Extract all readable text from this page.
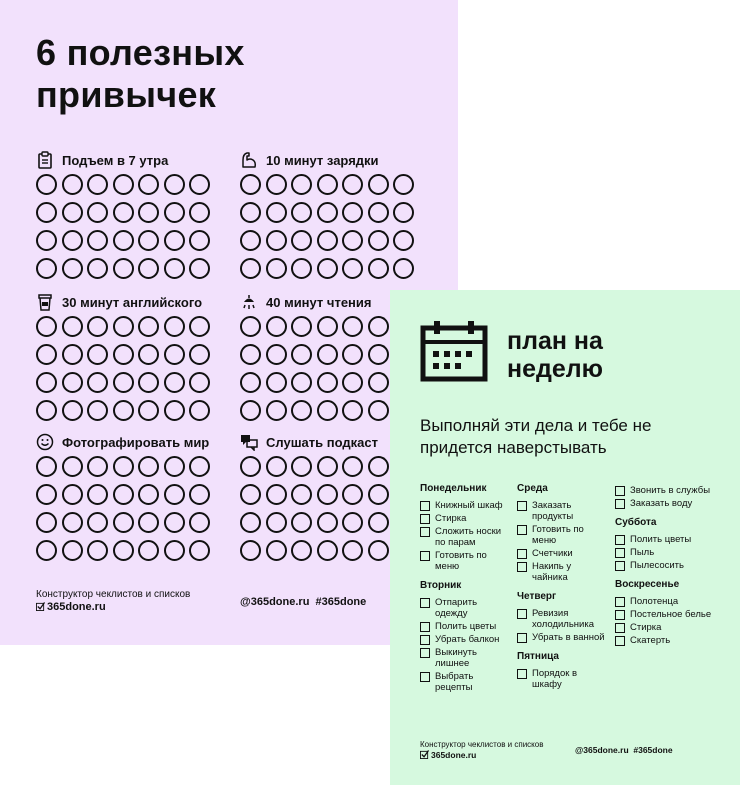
6 полезных
привычек
Подъем в 7 утра	10 минут зарядки
30 минут английского	40 минут чтения
Фотографировать мир	Слушать подкаст
Конструктор чеклистов и списков
365done.ru	@365done.ru  #365done
план на
неделю

Выполняй эти дела и тебе не придется наверстывать

Понедельник
Книжный шкаф
Стирка
Сложить носки по парам
Готовить по меню
Вторник
Отпарить одежду
Полить цветы
Убрать балкон
Выкинуть лишнее
Выбрать рецепты
Среда
Заказать продукты
Готовить по меню
Счетчики
Накипь у чайника
Четверг
Ревизия холодильника
Убрать в ванной
Пятница
Порядок в шкафу
Звонить в службы
Заказать воду
Суббота
Полить цветы
Пыль
Пылесосить
Воскресенье
Полотенца
Постельное белье
Стирка
Скатерть
Конструктор чеклистов и списков
365done.ru	@365done.ru  #365done
